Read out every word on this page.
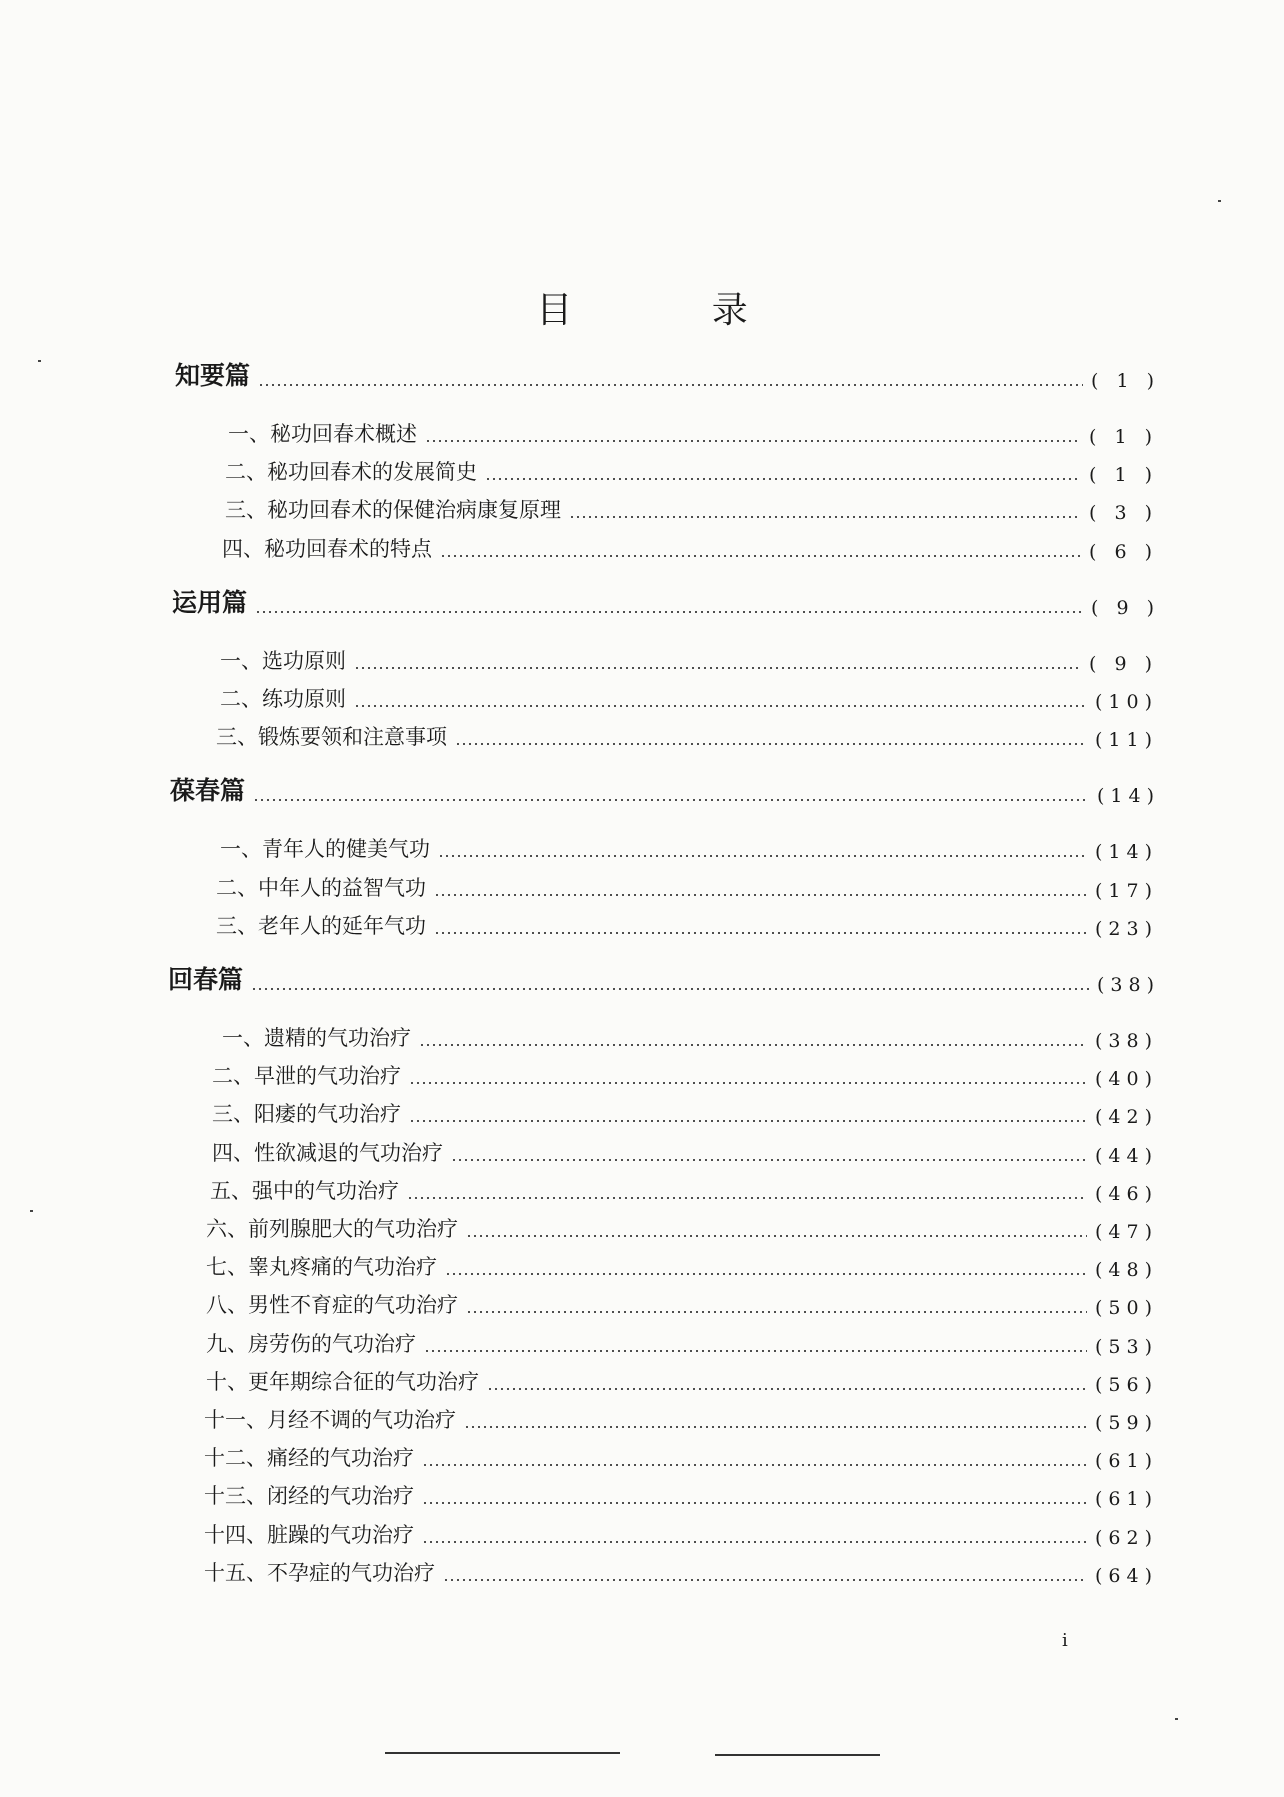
目 录
知要篇	( 1 )
一、秘功回春术概述	( 1 )
二、秘功回春术的发展简史	( 1 )
三、秘功回春术的保健治病康复原理	( 3 )
四、秘功回春术的特点	( 6 )
运用篇	( 9 )
一、选功原则	( 9 )
二、练功原则	(10)
三、锻炼要领和注意事项	(11)
葆春篇	(14)
一、青年人的健美气功	(14)
二、中年人的益智气功	(17)
三、老年人的延年气功	(23)
回春篇	(38)
一、遗精的气功治疗	(38)
二、早泄的气功治疗	(40)
三、阳痿的气功治疗	(42)
四、性欲减退的气功治疗	(44)
五、强中的气功治疗	(46)
六、前列腺肥大的气功治疗	(47)
七、睾丸疼痛的气功治疗	(48)
八、男性不育症的气功治疗	(50)
九、房劳伤的气功治疗	(53)
十、更年期综合征的气功治疗	(56)
十一、月经不调的气功治疗	(59)
十二、痛经的气功治疗	(61)
十三、闭经的气功治疗	(61)
十四、脏躁的气功治疗	(62)
十五、不孕症的气功治疗	(64)
i
